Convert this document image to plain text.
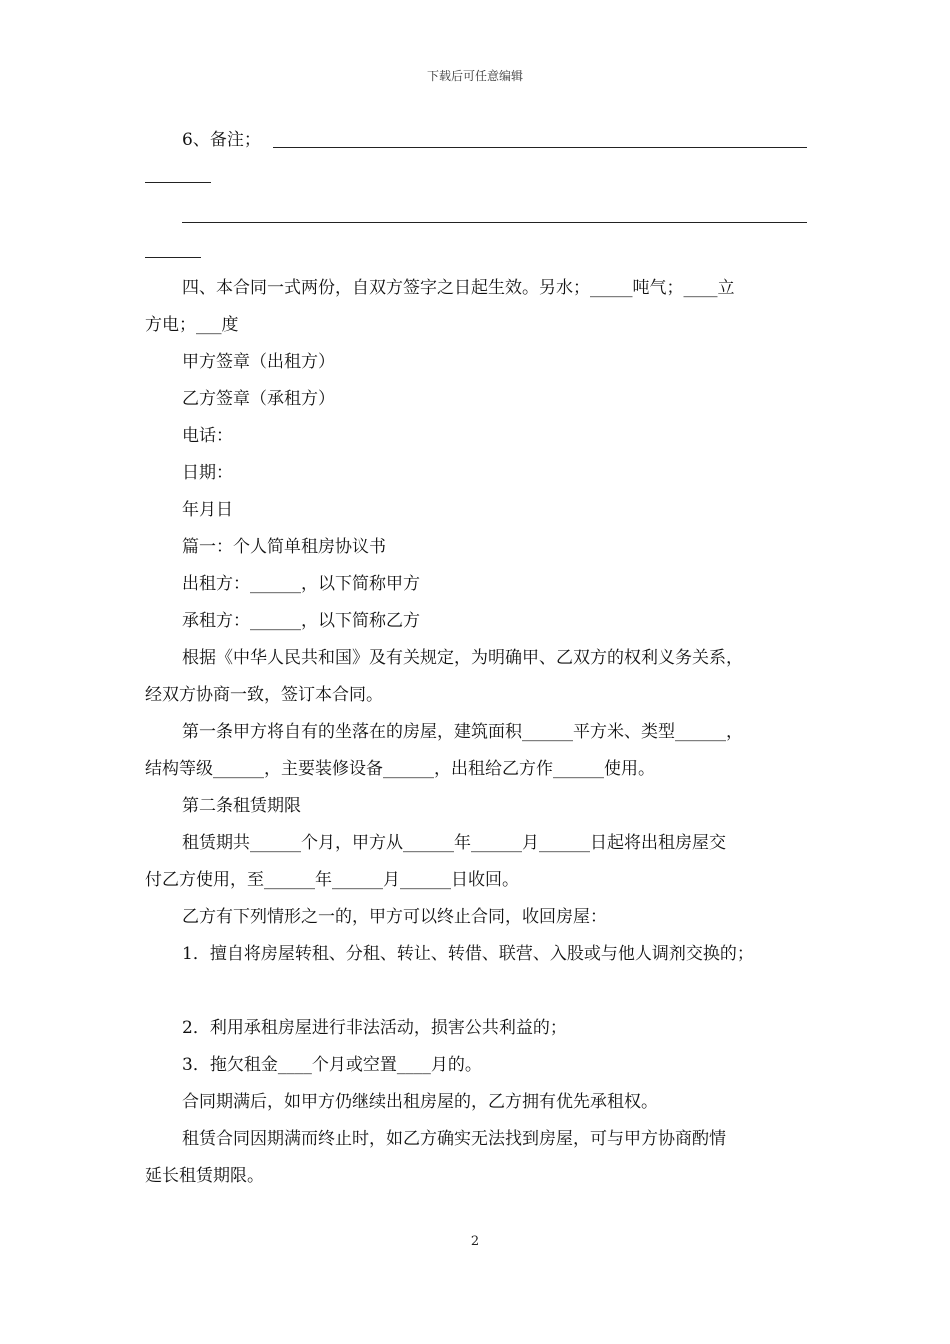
下载后可任意编辑
6、备注；

四、本合同一式两份，自双方签字之日起生效。另水；_____吨气；____立

方电；___度

甲方签章（出租方）

乙方签章（承租方）

电话：

日期：

年月日

篇一：个人简单租房协议书

出租方：______，以下简称甲方

承租方：______，以下简称乙方

根据《中华人民共和国》及有关规定，为明确甲、乙双方的权利义务关系，

经双方协商一致，签订本合同。

第一条甲方将自有的坐落在的房屋，建筑面积______平方米、类型______，

结构等级______，主要装修设备______，出租给乙方作______使用。

第二条租赁期限

租赁期共______个月，甲方从______年______月______日起将出租房屋交

付乙方使用，至______年______月______日收回。

乙方有下列情形之一的，甲方可以终止合同，收回房屋：

1．擅自将房屋转租、分租、转让、转借、联营、入股或与他人调剂交换的；

2．利用承租房屋进行非法活动，损害公共利益的；

3．拖欠租金____个月或空置____月的。

合同期满后，如甲方仍继续出租房屋的，乙方拥有优先承租权。

租赁合同因期满而终止时，如乙方确实无法找到房屋，可与甲方协商酌情

延长租赁期限。

2
